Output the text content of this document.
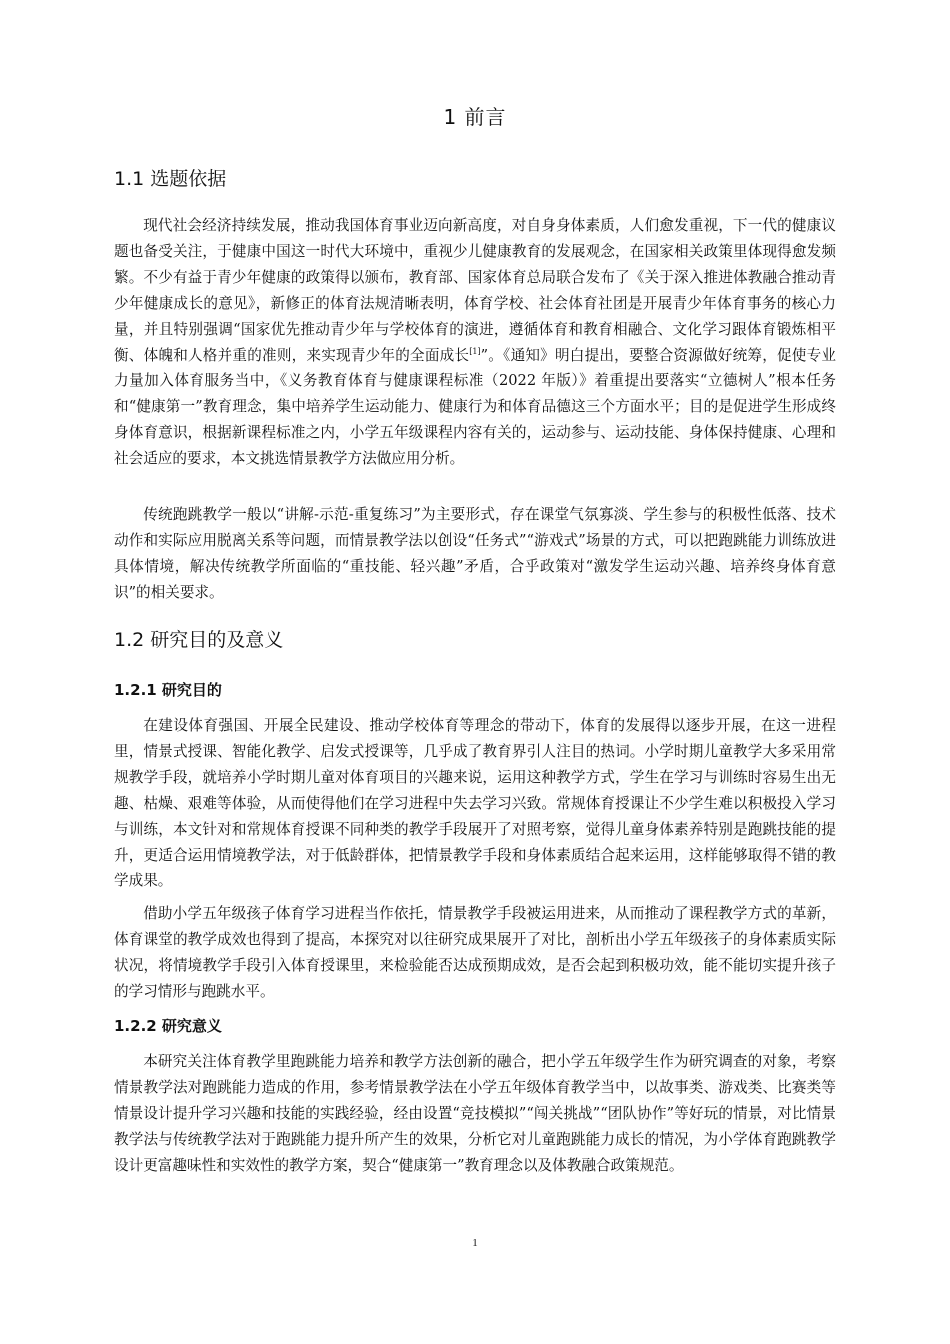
1 前言
1.1 选题依据

现代社会经济持续发展，推动我国体育事业迈向新高度，对自身身体素质，人们愈发重视，下一代的健康议题也备受关注，于健康中国这一时代大环境中，重视少儿健康教育的发展观念，在国家相关政策里体现得愈发频繁。不少有益于青少年健康的政策得以颁布，教育部、国家体育总局联合发布了《关于深入推进体教融合推动青少年健康成长的意见》，新修正的体育法规清晰表明，体育学校、社会体育社团是开展青少年体育事务的核心力量，并且特别强调“国家优先推动青少年与学校体育的演进，遵循体育和教育相融合、文化学习跟体育锻炼相平衡、体魄和人格并重的准则，来实现青少年的全面成长[1]”。《通知》明白提出，要整合资源做好统筹，促使专业力量加入体育服务当中，《义务教育体育与健康课程标准（2022 年版）》着重提出要落实“立德树人”根本任务和“健康第一”教育理念，集中培养学生运动能力、健康行为和体育品德这三个方面水平；目的是促进学生形成终身体育意识，根据新课程标准之内，小学五年级课程内容有关的，运动参与、运动技能、身体保持健康、心理和社会适应的要求，本文挑选情景教学方法做应用分析。

传统跑跳教学一般以“讲解-示范-重复练习”为主要形式，存在课堂气氛寡淡、学生参与的积极性低落、技术动作和实际应用脱离关系等问题，而情景教学法以创设“任务式”“游戏式”场景的方式，可以把跑跳能力训练放进具体情境，解决传统教学所面临的“重技能、轻兴趣”矛盾，合乎政策对“激发学生运动兴趣、培养终身体育意识”的相关要求。

1.2 研究目的及意义
1.2.1 研究目的

在建设体育强国、开展全民建设、推动学校体育等理念的带动下，体育的发展得以逐步开展，在这一进程里，情景式授课、智能化教学、启发式授课等，几乎成了教育界引人注目的热词。小学时期儿童教学大多采用常规教学手段，就培养小学时期儿童对体育项目的兴趣来说，运用这种教学方式，学生在学习与训练时容易生出无趣、枯燥、艰难等体验，从而使得他们在学习进程中失去学习兴致。常规体育授课让不少学生难以积极投入学习与训练，本文针对和常规体育授课不同种类的教学手段展开了对照考察，觉得儿童身体素养特别是跑跳技能的提升，更适合运用情境教学法，对于低龄群体，把情景教学手段和身体素质结合起来运用，这样能够取得不错的教学成果。

借助小学五年级孩子体育学习进程当作依托，情景教学手段被运用进来，从而推动了课程教学方式的革新，体育课堂的教学成效也得到了提高，本探究对以往研究成果展开了对比，剖析出小学五年级孩子的身体素质实际状况，将情境教学手段引入体育授课里，来检验能否达成预期成效，是否会起到积极功效，能不能切实提升孩子的学习情形与跑跳水平。

1.2.2 研究意义

本研究关注体育教学里跑跳能力培养和教学方法创新的融合，把小学五年级学生作为研究调查的对象，考察情景教学法对跑跳能力造成的作用，参考情景教学法在小学五年级体育教学当中，以故事类、游戏类、比赛类等情景设计提升学习兴趣和技能的实践经验，经由设置“竞技模拟”“闯关挑战”“团队协作”等好玩的情景，对比情景教学法与传统教学法对于跑跳能力提升所产生的效果，分析它对儿童跑跳能力成长的情况，为小学体育跑跳教学设计更富趣味性和实效性的教学方案，契合“健康第一”教育理念以及体教融合政策规范。

1
